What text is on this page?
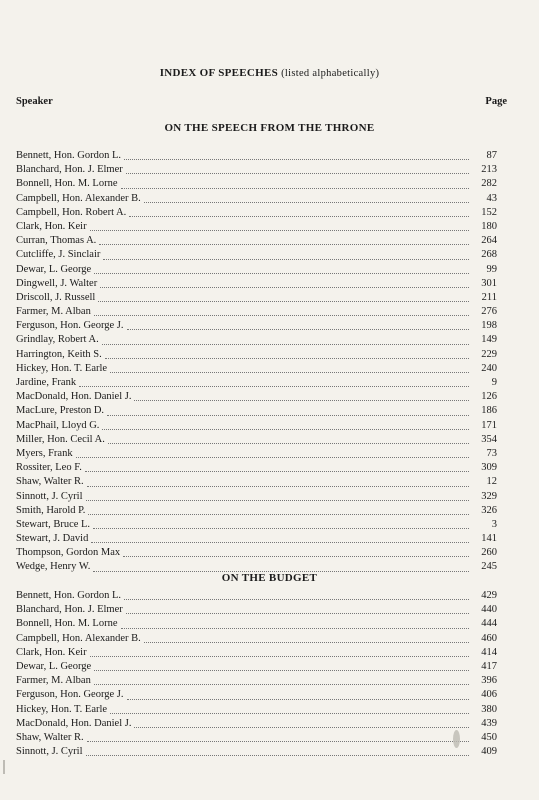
INDEX OF SPEECHES (listed alphabetically)
Speaker	Page
ON THE SPEECH FROM THE THRONE
Bennett, Hon. Gordon L.	87
Blanchard, Hon. J. Elmer	213
Bonnell, Hon. M. Lorne	282
Campbell, Hon. Alexander B.	43
Campbell, Hon. Robert A.	152
Clark, Hon. Keir	180
Curran, Thomas A.	264
Cutcliffe, J. Sinclair	268
Dewar, L. George	99
Dingwell, J. Walter	301
Driscoll, J. Russell	211
Farmer, M. Alban	276
Ferguson, Hon. George J.	198
Grindlay, Robert A.	149
Harrington, Keith S.	229
Hickey, Hon. T. Earle	240
Jardine, Frank	9
MacDonald, Hon. Daniel J.	126
MacLure, Preston D.	186
MacPhail, Lloyd G.	171
Miller, Hon. Cecil A.	354
Myers, Frank	73
Rossiter, Leo F.	309
Shaw, Walter R.	12
Sinnott, J. Cyril	329
Smith, Harold P.	326
Stewart, Bruce L.	3
Stewart, J. David	141
Thompson, Gordon Max	260
Wedge, Henry W.	245
ON THE BUDGET
Bennett, Hon. Gordon L.	429
Blanchard, Hon. J. Elmer	440
Bonnell, Hon. M. Lorne	444
Campbell, Hon. Alexander B.	460
Clark, Hon. Keir	414
Dewar, L. George	417
Farmer, M. Alban	396
Ferguson, Hon. George J.	406
Hickey, Hon. T. Earle	380
MacDonald, Hon. Daniel J.	439
Shaw, Walter R.	450
Sinnott, J. Cyril	409
